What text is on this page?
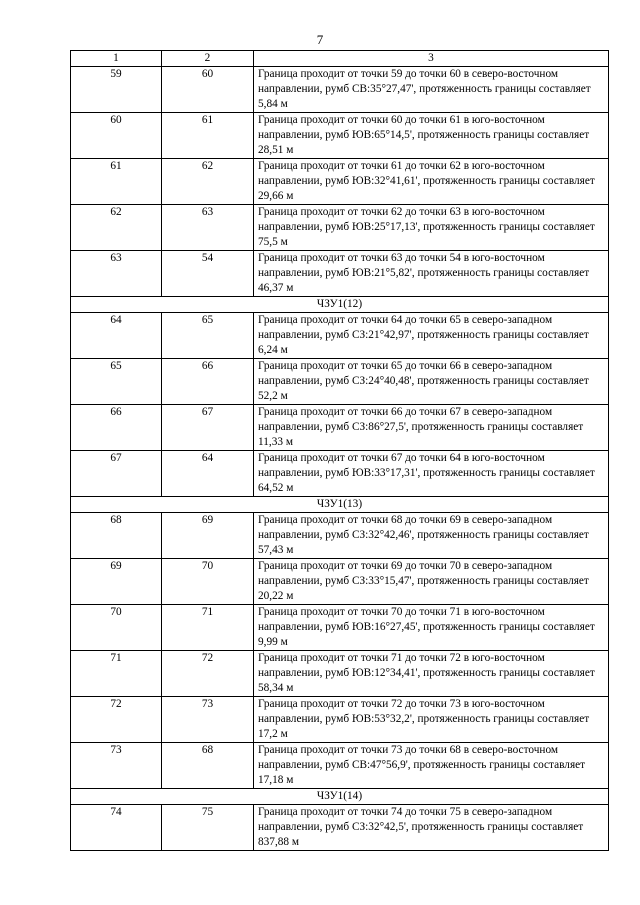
7
1	2	3
59	60	Граница проходит от точки 59 до точки 60 в северо-восточном направлении, румб СВ:35°27,47', протяженность границы составляет 5,84 м
60	61	Граница проходит от точки 60 до точки 61 в юго-восточном направлении, румб ЮВ:65°14,5', протяженность границы составляет 28,51 м
61	62	Граница проходит от точки 61 до точки 62 в юго-восточном направлении, румб ЮВ:32°41,61', протяженность границы составляет 29,66 м
62	63	Граница проходит от точки 62 до точки 63 в юго-восточном направлении, румб ЮВ:25°17,13', протяженность границы составляет 75,5 м
63	54	Граница проходит от точки 63 до точки 54 в юго-восточном направлении, румб ЮВ:21°5,82', протяженность границы составляет 46,37 м
ЧЗУ1(12)		
64	65	Граница проходит от точки 64 до точки 65 в северо-западном направлении, румб СЗ:21°42,97', протяженность границы составляет 6,24 м
65	66	Граница проходит от точки 65 до точки 66 в северо-западном направлении, румб СЗ:24°40,48', протяженность границы составляет 52,2 м
66	67	Граница проходит от точки 66 до точки 67 в северо-западном направлении, румб СЗ:86°27,5', протяженность границы составляет 11,33 м
67	64	Граница проходит от точки 67 до точки 64 в юго-восточном направлении, румб ЮВ:33°17,31', протяженность границы составляет 64,52 м
ЧЗУ1(13)		
68	69	Граница проходит от точки 68 до точки 69 в северо-западном направлении, румб СЗ:32°42,46', протяженность границы составляет 57,43 м
69	70	Граница проходит от точки 69 до точки 70 в северо-западном направлении, румб СЗ:33°15,47', протяженность границы составляет 20,22 м
70	71	Граница проходит от точки 70 до точки 71 в юго-восточном направлении, румб ЮВ:16°27,45', протяженность границы составляет 9,99 м
71	72	Граница проходит от точки 71 до точки 72 в юго-восточном направлении, румб ЮВ:12°34,41', протяженность границы составляет 58,34 м
72	73	Граница проходит от точки 72 до точки 73 в юго-восточном направлении, румб ЮВ:53°32,2', протяженность границы составляет 17,2 м
73	68	Граница проходит от точки 73 до точки 68 в северо-восточном направлении, румб СВ:47°56,9', протяженность границы составляет 17,18 м
ЧЗУ1(14)		
74	75	Граница проходит от точки 74 до точки 75 в северо-западном направлении, румб СЗ:32°42,5', протяженность границы составляет 837,88 м
